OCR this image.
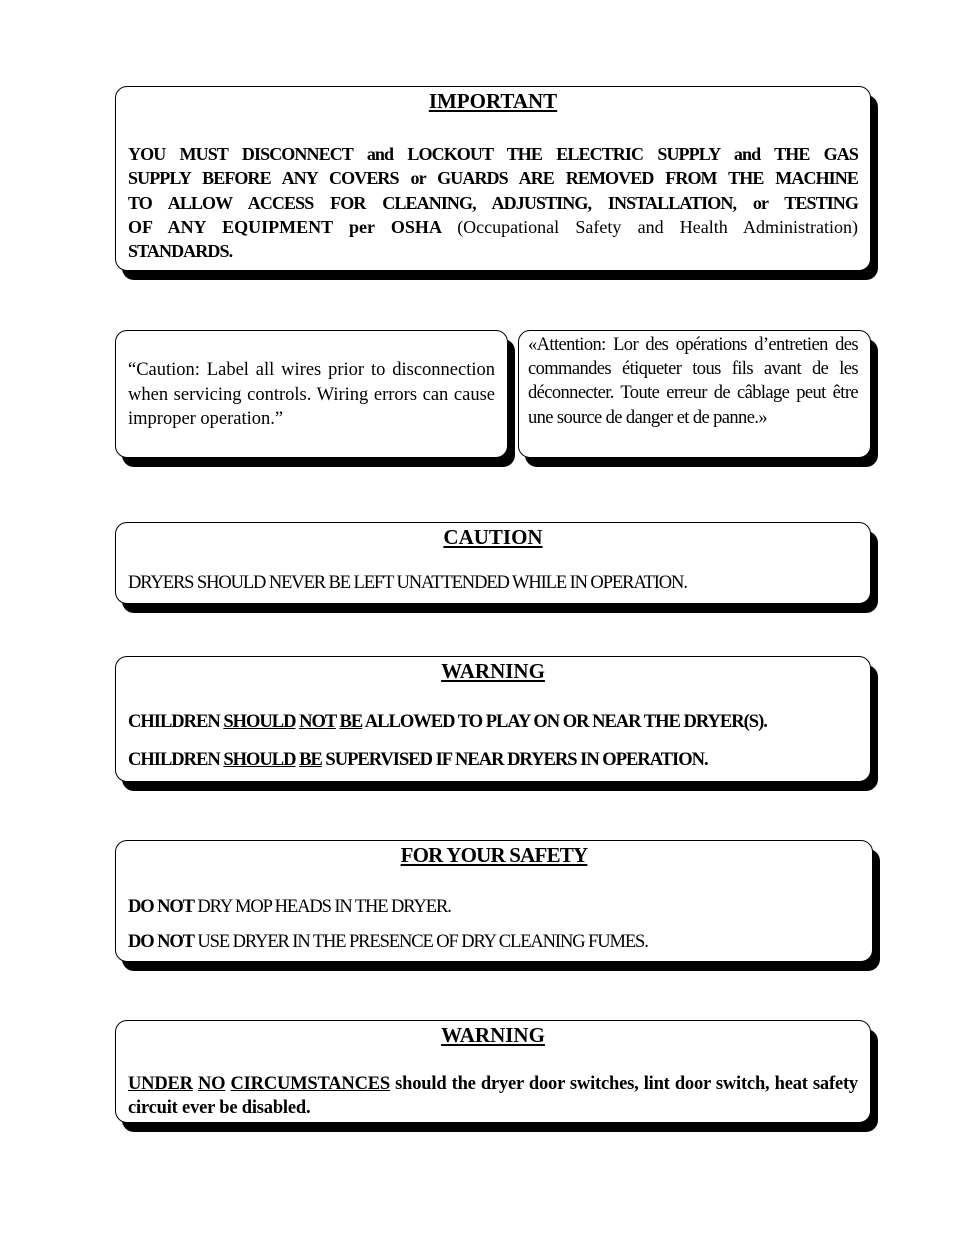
IMPORTANT

YOU MUST DISCONNECT and LOCKOUT THE ELECTRIC SUPPLY and THE GAS
SUPPLY BEFORE ANY COVERS or GUARDS ARE REMOVED FROM THE MACHINE
TO ALLOW ACCESS FOR CLEANING, ADJUSTING, INSTALLATION, or TESTING
OF ANY EQUIPMENT per OSHA (Occupational Safety and Health Administration)
STANDARDS.

“Caution: Label all wires prior to disconnection when servicing controls. Wiring errors can cause improper operation.”

«Attention: Lor des opérations d’entretien des commandes étiqueter tous fils avant de les déconnecter. Toute erreur de câblage peut être une source de danger et de panne.»

CAUTION

DRYERS SHOULD NEVER BE LEFT UNATTENDED WHILE IN OPERATION.

WARNING

CHILDREN SHOULD NOT BE ALLOWED TO PLAY ON OR NEAR THE DRYER(S).
CHILDREN SHOULD BE SUPERVISED IF NEAR DRYERS IN OPERATION.

FOR YOUR SAFETY

DO NOT DRY MOP HEADS IN THE DRYER.
DO NOT USE DRYER IN THE PRESENCE OF DRY CLEANING FUMES.

WARNING

UNDER NO CIRCUMSTANCES should the dryer door switches, lint door switch, heat safety circuit ever be disabled.
